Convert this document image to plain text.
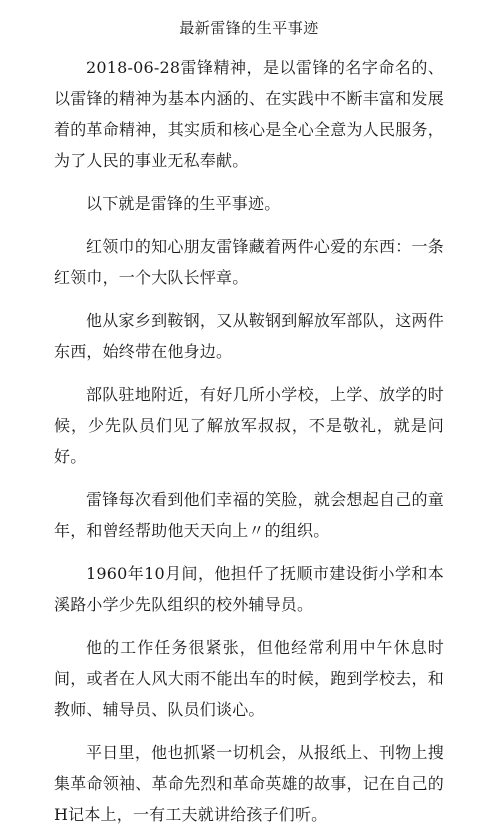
最新雷锋的生平事迹

2018-06-28雷锋精神，是以雷锋的名字命名的、以雷锋的精神为基本内涵的、在实践中不断丰富和发展着的革命精神，其实质和核心是全心全意为人民服务，为了人民的事业无私奉献。

以下就是雷锋的生平事迹。

红领巾的知心朋友雷锋藏着两件心爱的东西：一条红领巾，一个大队长怦章。

他从家乡到鞍钢，又从鞍钢到解放军部队，这两件东西，始终带在他身边。

部队驻地附近，有好几所小学校，上学、放学的时候，少先队员们见了解放军叔叔，不是敬礼，就是问好。

雷锋每次看到他们幸福的笑脸，就会想起自己的童年，和曾经帮助他天天向上〃的组织。

1960年10月间，他担仟了抚顺市建设街小学和本溪路小学少先队组织的校外辅导员。

他的工作任务很紧张，但他经常利用中午休息时间，或者在人风大雨不能出车的时候，跑到学校去，和教师、辅导员、队员们谈心。

平日里，他也抓紧一切机会，从报纸上、刊物上搜集革命领袖、革命先烈和革命英雄的故事，记在自己的H记本上，一有工夫就讲给孩子们听。
